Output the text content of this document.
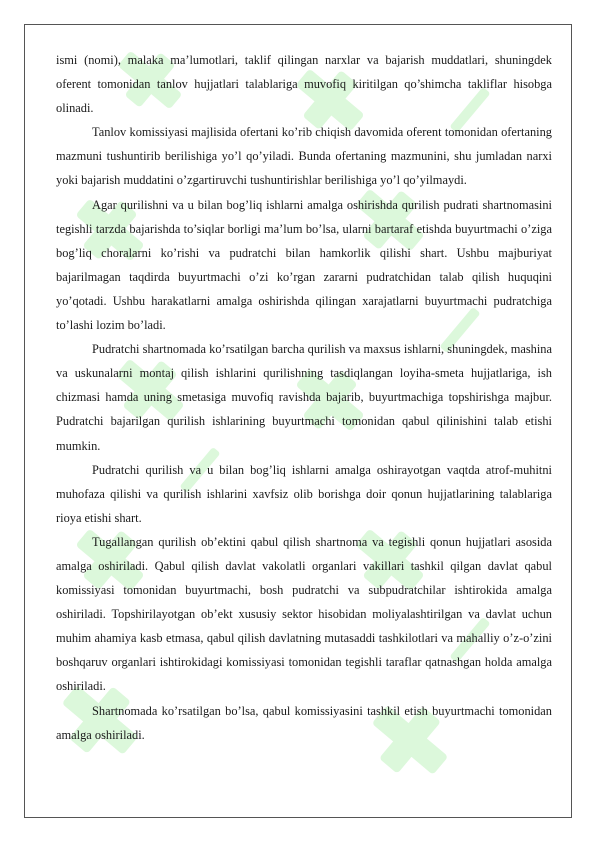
ismi (nomi), malaka ma’lumotlari, taklif qilingan narxlar va bajarish muddatlari, shuningdek oferent tomonidan tanlov hujjatlari talablariga muvofiq kiritilgan qo’shimcha takliflar hisobga olinadi.

Tanlov komissiyasi majlisida ofertani ko’rib chiqish davomida oferent tomonidan ofertaning mazmuni tushuntirib berilishiga yo’l qo’yiladi. Bunda ofertaning mazmunini, shu jumladan narxi yoki bajarish muddatini o’zgartiruvchi tushuntirishlar berilishiga yo’l qo’yilmaydi.

Agar qurilishni va u bilan bog’liq ishlarni amalga oshirishda qurilish pudrati shartnomasini tegishli tarzda bajarishda to’siqlar borligi ma’lum bo’lsa, ularni bartaraf etishda buyurtmachi o’ziga bog’liq choralarni ko’rishi va pudratchi bilan hamkorlik qilishi shart. Ushbu majburiyat bajarilmagan taqdirda buyurtmachi o’zi ko’rgan zararni pudratchidan talab qilish huquqini yo’qotadi. Ushbu harakatlarni amalga oshirishda qilingan xarajatlarni buyurtmachi pudratchiga to’lashi lozim bo’ladi.

Pudratchi shartnomada ko’rsatilgan barcha qurilish va maxsus ishlarni, shuningdek, mashina va uskunalarni montaj qilish ishlarini qurilishning tasdiqlangan loyiha-smeta hujjatlariga, ish chizmasi hamda uning smetasiga muvofiq ravishda bajarib, buyurtmachiga topshirishga majbur. Pudratchi bajarilgan qurilish ishlarining buyurtmachi tomonidan qabul qilinishini talab etishi mumkin.

Pudratchi qurilish va u bilan bog’liq ishlarni amalga oshirayotgan vaqtda atrof-muhitni muhofaza qilishi va qurilish ishlarini xavfsiz olib borishga doir qonun hujjatlarining talablariga rioya etishi shart.

Tugallangan qurilish ob’ektini qabul qilish shartnoma va tegishli qonun hujjatlari asosida amalga oshiriladi. Qabul qilish davlat vakolatli organlari vakillari tashkil qilgan davlat qabul komissiyasi tomonidan buyurtmachi, bosh pudratchi va subpudratchilar ishtirokida amalga oshiriladi. Topshirilayotgan ob’ekt xususiy sektor hisobidan moliyalashtirilgan va davlat uchun muhim ahamiya kasb etmasa, qabul qilish davlatning mutasaddi tashkilotlari va mahalliy o’z-o’zini boshqaruv organlari ishtirokidagi komissiyasi tomonidan tegishli taraflar qatnashgan holda amalga oshiriladi.

Shartnomada ko’rsatilgan bo’lsa, qabul komissiyasini tashkil etish buyurtmachi tomonidan amalga oshiriladi.
